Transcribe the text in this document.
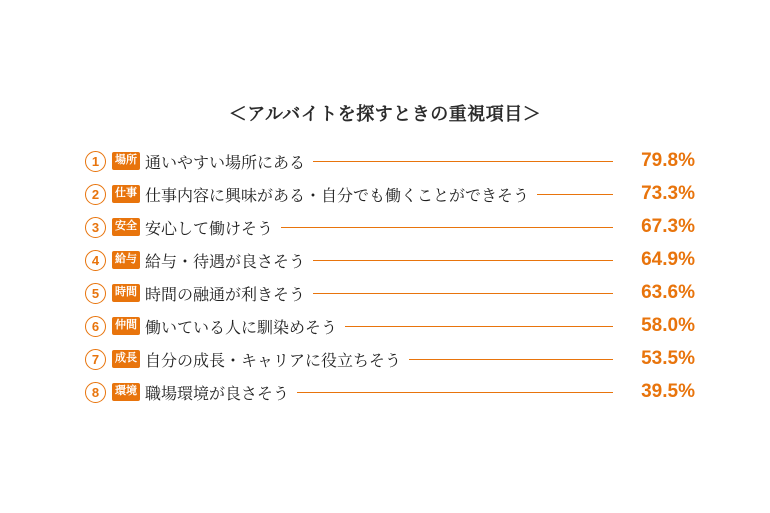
＜アルバイトを探すときの重視項目＞
1	場所 通いやすい場所にある	79.8%
2	仕事 仕事内容に興味がある・自分でも働くことができそう	73.3%
3	安全 安心して働けそう	67.3%
4	給与 給与・待遇が良さそう	64.9%
5	時間 時間の融通が利きそう	63.6%
6	仲間 働いている人に馴染めそう	58.0%
7	成長 自分の成長・キャリアに役立ちそう	53.5%
8	環境 職場環境が良さそう	39.5%
